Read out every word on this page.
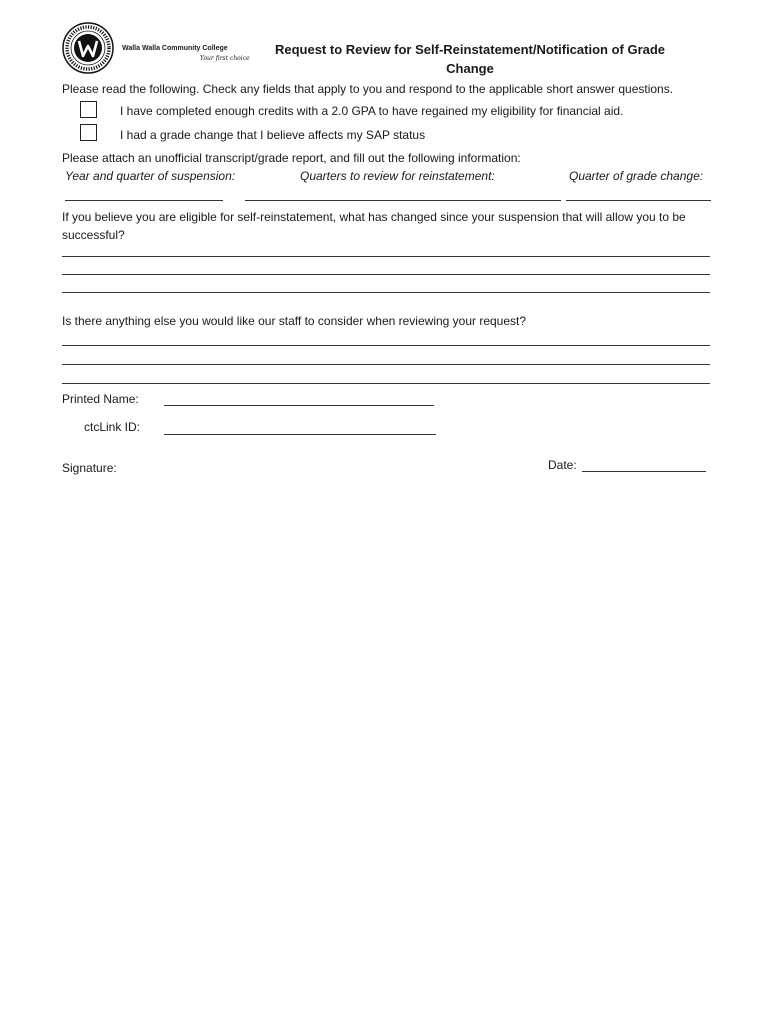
Walla Walla Community College
Your first choice
Request to Review for Self-Reinstatement/Notification of Grade Change
Please read the following. Check any fields that apply to you and respond to the applicable short answer questions.
I have completed enough credits with a 2.0 GPA to have regained my eligibility for financial aid.
I had a grade change that I believe affects my SAP status
Please attach an unofficial transcript/grade report, and fill out the following information:
Year and quarter of suspension:	Quarters to review for reinstatement:	Quarter of grade change:
If you believe you are eligible for self-reinstatement, what has changed since your suspension that will allow you to be successful?
Is there anything else you would like our staff to consider when reviewing your request?
Printed Name:
ctcLink ID:
Signature:	Date:
